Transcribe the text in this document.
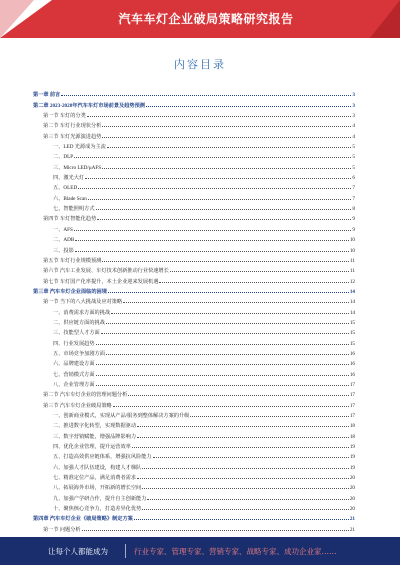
汽车车灯企业破局策略研究报告
内容目录
第一章 前言	3
第二章 2023-2028年汽车车灯市场前景及趋势预测	3
第一节 车灯的分类	3
第二节 车灯行业现状分析	4
第三节 车灯光源演进趋势	4
一、LED 光源成为主流	5
二、DLP	5
三、Micro LED/μAFS	5
四、激光大灯	6
五、OLED	7
六、Blade Scan	7
七、智能照明方式	8
第四节 车灯智能化趋势	9
一、AFS	9
二、ADB	10
三、投影	10
第五节 车灯行业规模预测	11
第六节 汽车工业发展、车灯技术创新推动行业快速增长	11
第七节 车灯国产化率提升，本土企业迎来发展机遇	12
第三章 汽车车灯企业面临的困境	14
第一节 当下的八大挑战及应对策略	14
一、消费需求方面的挑战	14
二、供应链方面的挑战	15
三、技能型人才方面	15
四、行业发展趋势	15
五、市场竞争加剧方面	16
六、品牌建设方面	16
七、营销模式方面	16
八、企业管理方面	17
第二节 汽车车灯企业的管理问题分析	17
第三节 汽车车灯企业破局策略	17
一、创新商业模式，实现从产品/服务到整体解决方案的升级	17
二、推进数字化转型，实现数据驱动	18
三、数字营销赋能，增强品牌影响力	18
四、优化企业管理，提升运营效率	19
五、打造高效供应链体系，增强抗风险能力	19
六、加强人才队伍建设，构建人才梯队	19
七、精准定位产品，满足消费者需求	20
八、拓展海外市场，开拓新的增长空间	20
九、加强产学研合作，提升自主创新能力	20
十、聚焦核心竞争力，打造差异化优势	20
第四章 汽车车灯企业《破局策略》制定方案	21
第一节 问题分析	21
让每个人都能成为	行业专家、管理专家、营销专家、战略专家、成功企业家……
